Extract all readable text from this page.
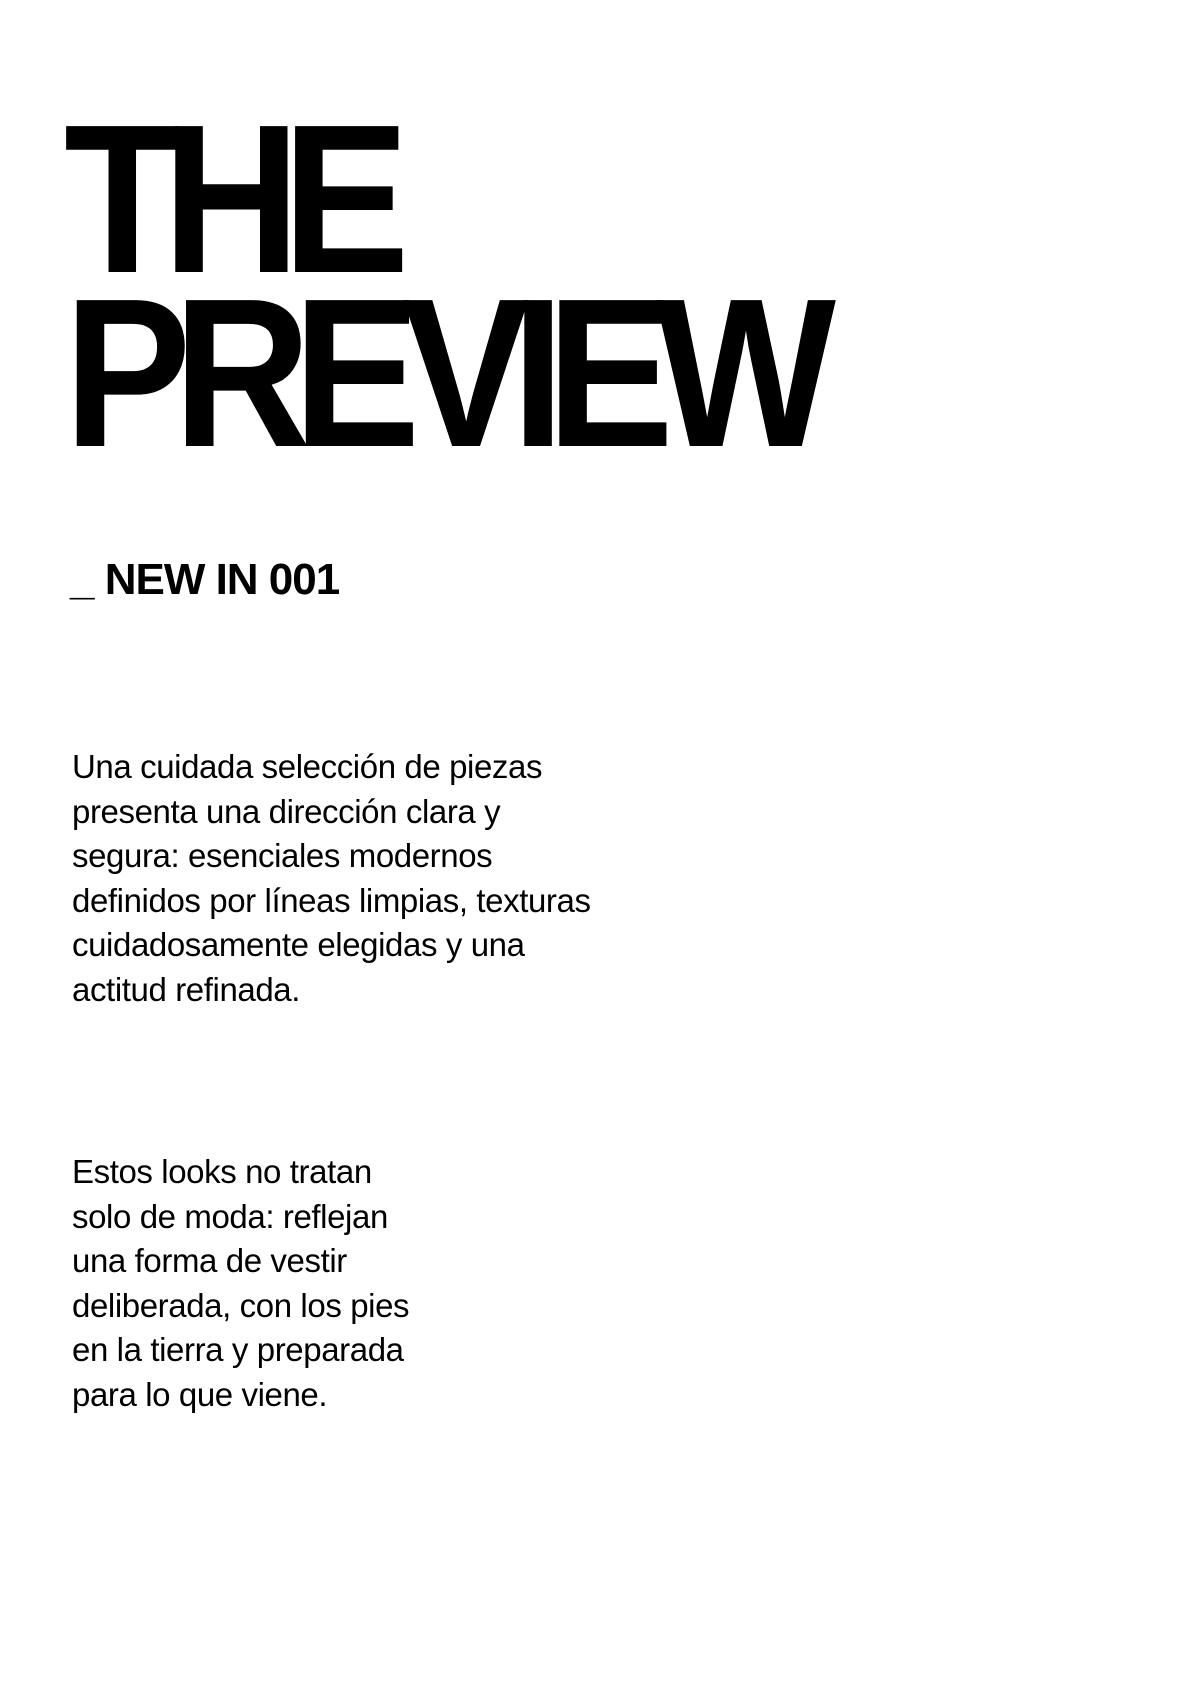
THE
PREVIEW
_ NEW IN 001

Una cuidada selección de piezas
presenta una dirección clara y
segura: esenciales modernos
definidos por líneas limpias, texturas
cuidadosamente elegidas y una
actitud refinada.

Estos looks no tratan
solo de moda: reflejan
una forma de vestir
deliberada, con los pies
en la tierra y preparada
para lo que viene.
